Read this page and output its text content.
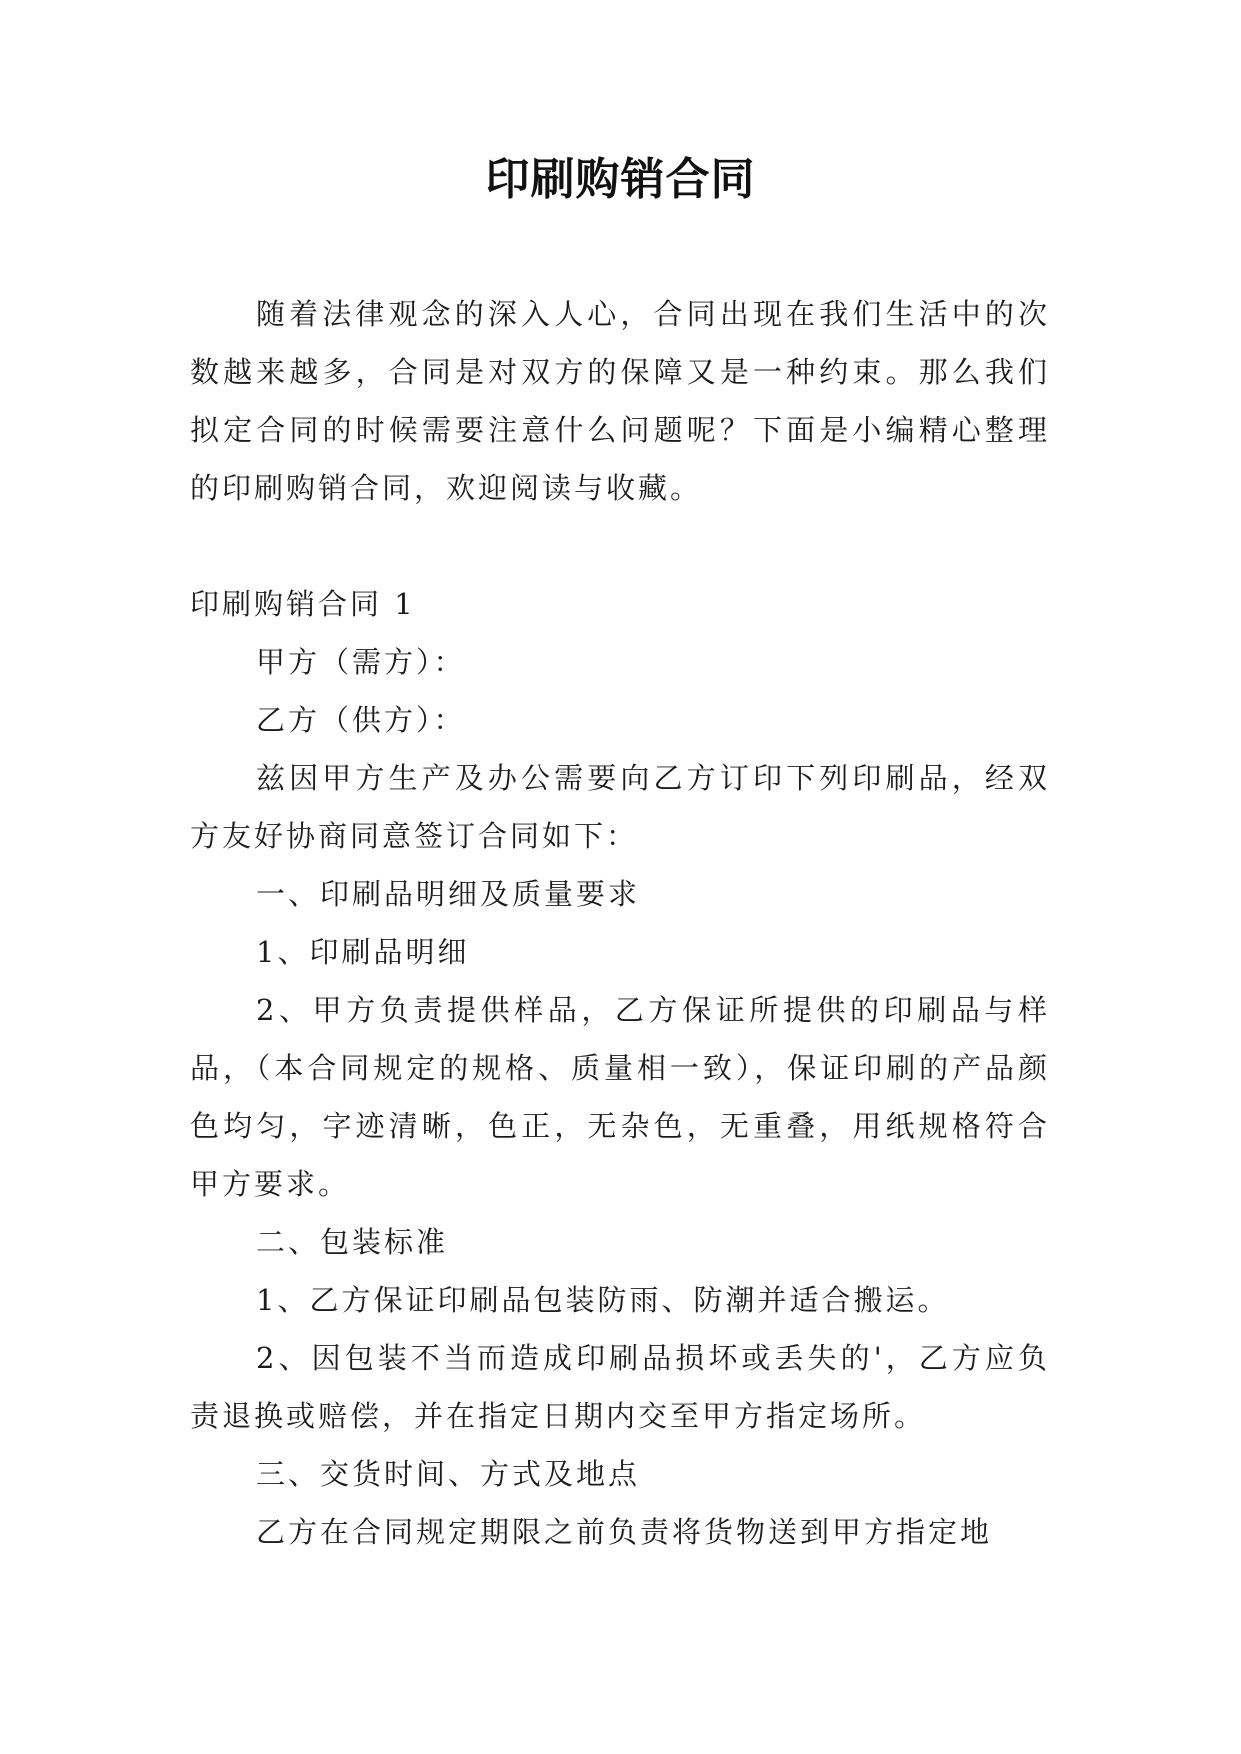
印刷购销合同

随着法律观念的深入人心，合同出现在我们生活中的次数越来越多，合同是对双方的保障又是一种约束。那么我们拟定合同的时候需要注意什么问题呢？下面是小编精心整理的印刷购销合同，欢迎阅读与收藏。

印刷购销合同 1

甲方（需方）：

乙方（供方）：

兹因甲方生产及办公需要向乙方订印下列印刷品，经双方友好协商同意签订合同如下：

一、印刷品明细及质量要求

1、印刷品明细

2、甲方负责提供样品，乙方保证所提供的印刷品与样品，（本合同规定的规格、质量相一致），保证印刷的产品颜色均匀，字迹清晰，色正，无杂色，无重叠，用纸规格符合甲方要求。

二、包装标准

1、乙方保证印刷品包装防雨、防潮并适合搬运。

2、因包装不当而造成印刷品损坏或丢失的'，乙方应负责退换或赔偿，并在指定日期内交至甲方指定场所。

三、交货时间、方式及地点

乙方在合同规定期限之前负责将货物送到甲方指定地
